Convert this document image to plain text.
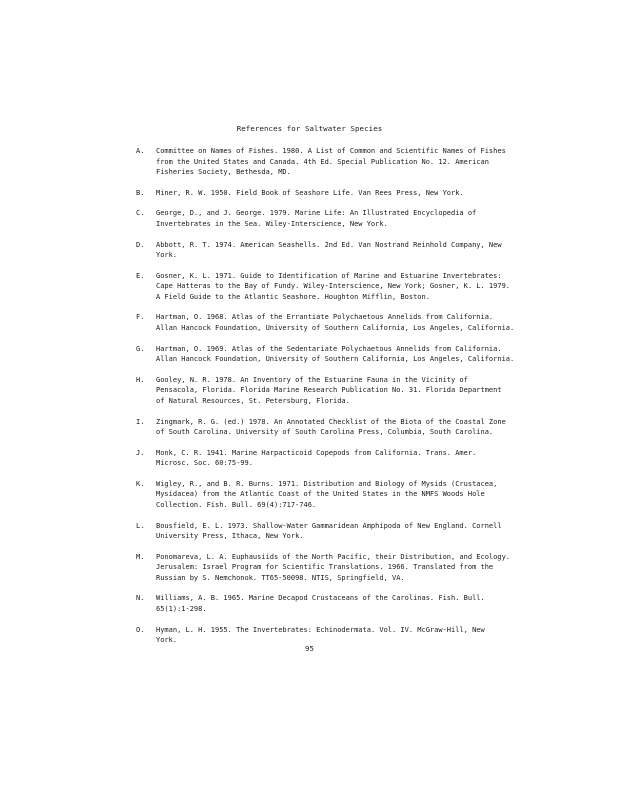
References for Saltwater Species
A.	Committee on Names of Fishes. 1980. A List of Common and Scientific Names of Fishes
from the United States and Canada. 4th Ed. Special Publication No. 12. American
Fisheries Society, Bethesda, MD.
B.	Miner, R. W. 1950. Field Book of Seashore Life. Van Rees Press, New York.
C.	George, D., and J. George. 1979. Marine Life: An Illustrated Encyclopedia of
Invertebrates in the Sea. Wiley-Interscience, New York.
D.	Abbott, R. T. 1974. American Seashells. 2nd Ed. Van Nostrand Reinhold Company, New
York.
E.	Gosner, K. L. 1971. Guide to Identification of Marine and Estuarine Invertebrates:
Cape Hatteras to the Bay of Fundy. Wiley-Interscience, New York; Gosner, K. L. 1979.
A Field Guide to the Atlantic Seashore. Houghton Mifflin, Boston.
F.	Hartman, O. 1968. Atlas of the Errantiate Polychaetous Annelids from California.
Allan Hancock Foundation, University of Southern California, Los Angeles, California.
G.	Hartman, O. 1969. Atlas of the Sedentariate Polychaetous Annelids from California.
Allan Hancock Foundation, University of Southern California, Los Angeles, California.
H.	Gooley, N. R. 1978. An Inventory of the Estuarine Fauna in the Vicinity of
Pensacola, Florida. Florida Marine Research Publication No. 31. Florida Department
of Natural Resources, St. Petersburg, Florida.
I.	Zingmark, R. G. (ed.) 1978. An Annotated Checklist of the Biota of the Coastal Zone
of South Carolina. University of South Carolina Press, Columbia, South Carolina.
J.	Monk, C. R. 1941. Marine Harpacticoid Copepods from California. Trans. Amer.
Microsc. Soc. 60:75-99.
K.	Wigley, R., and B. R. Burns. 1971. Distribution and Biology of Mysids (Crustacea,
Mysidacea) from the Atlantic Coast of the United States in the NMFS Woods Hole
Collection. Fish. Bull. 69(4):717-746.
L.	Bousfield, E. L. 1973. Shallow-Water Gammaridean Amphipoda of New England. Cornell
University Press, Ithaca, New York.
M.	Ponomareva, L. A. Euphausiids of the North Pacific, their Distribution, and Ecology.
Jerusalem: Israel Program for Scientific Translations. 1966. Translated from the
Russian by S. Nemchonok. TT65-50098. NTIS, Springfield, VA.
N.	Williams, A. B. 1965. Marine Decapod Crustaceans of the Carolinas. Fish. Bull.
65(1):1-298.
O.	Hyman, L. H. 1955. The Invertebrates: Echinodermata. Vol. IV. McGraw-Hill, New
York.
95
